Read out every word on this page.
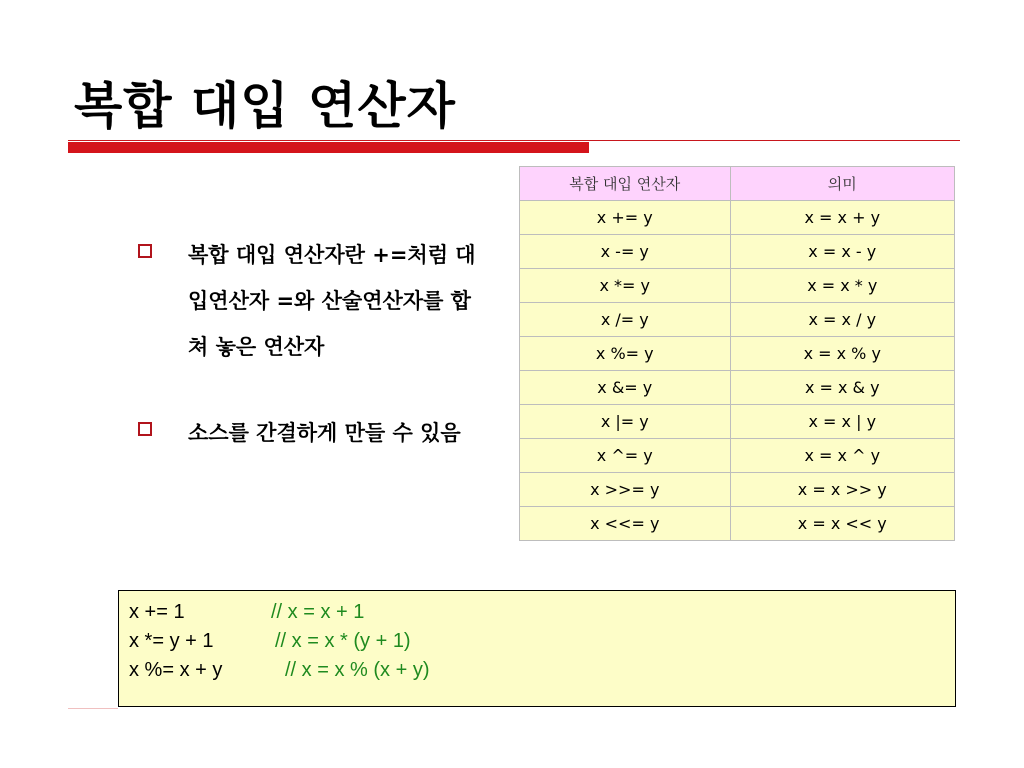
복합 대입 연산자
복합 대입 연산자란 +=처럼 대입연산자 =와 산술연산자를 합쳐 놓은 연산자
소스를 간결하게 만들 수 있음
복합 대입 연산자	의미
x += y	x = x + y
x -= y	x = x - y
x *= y	x = x * y
x /= y	x = x / y
x %= y	x = x % y
x &= y	x = x & y
x |= y	x = x | y
x ^= y	x = x ^ y
x >>= y	x = x >> y
x <<= y	x = x << y
x += 1	// x = x + 1
x *= y + 1	// x = x * (y + 1)
x %= x + y	// x = x % (x + y)
